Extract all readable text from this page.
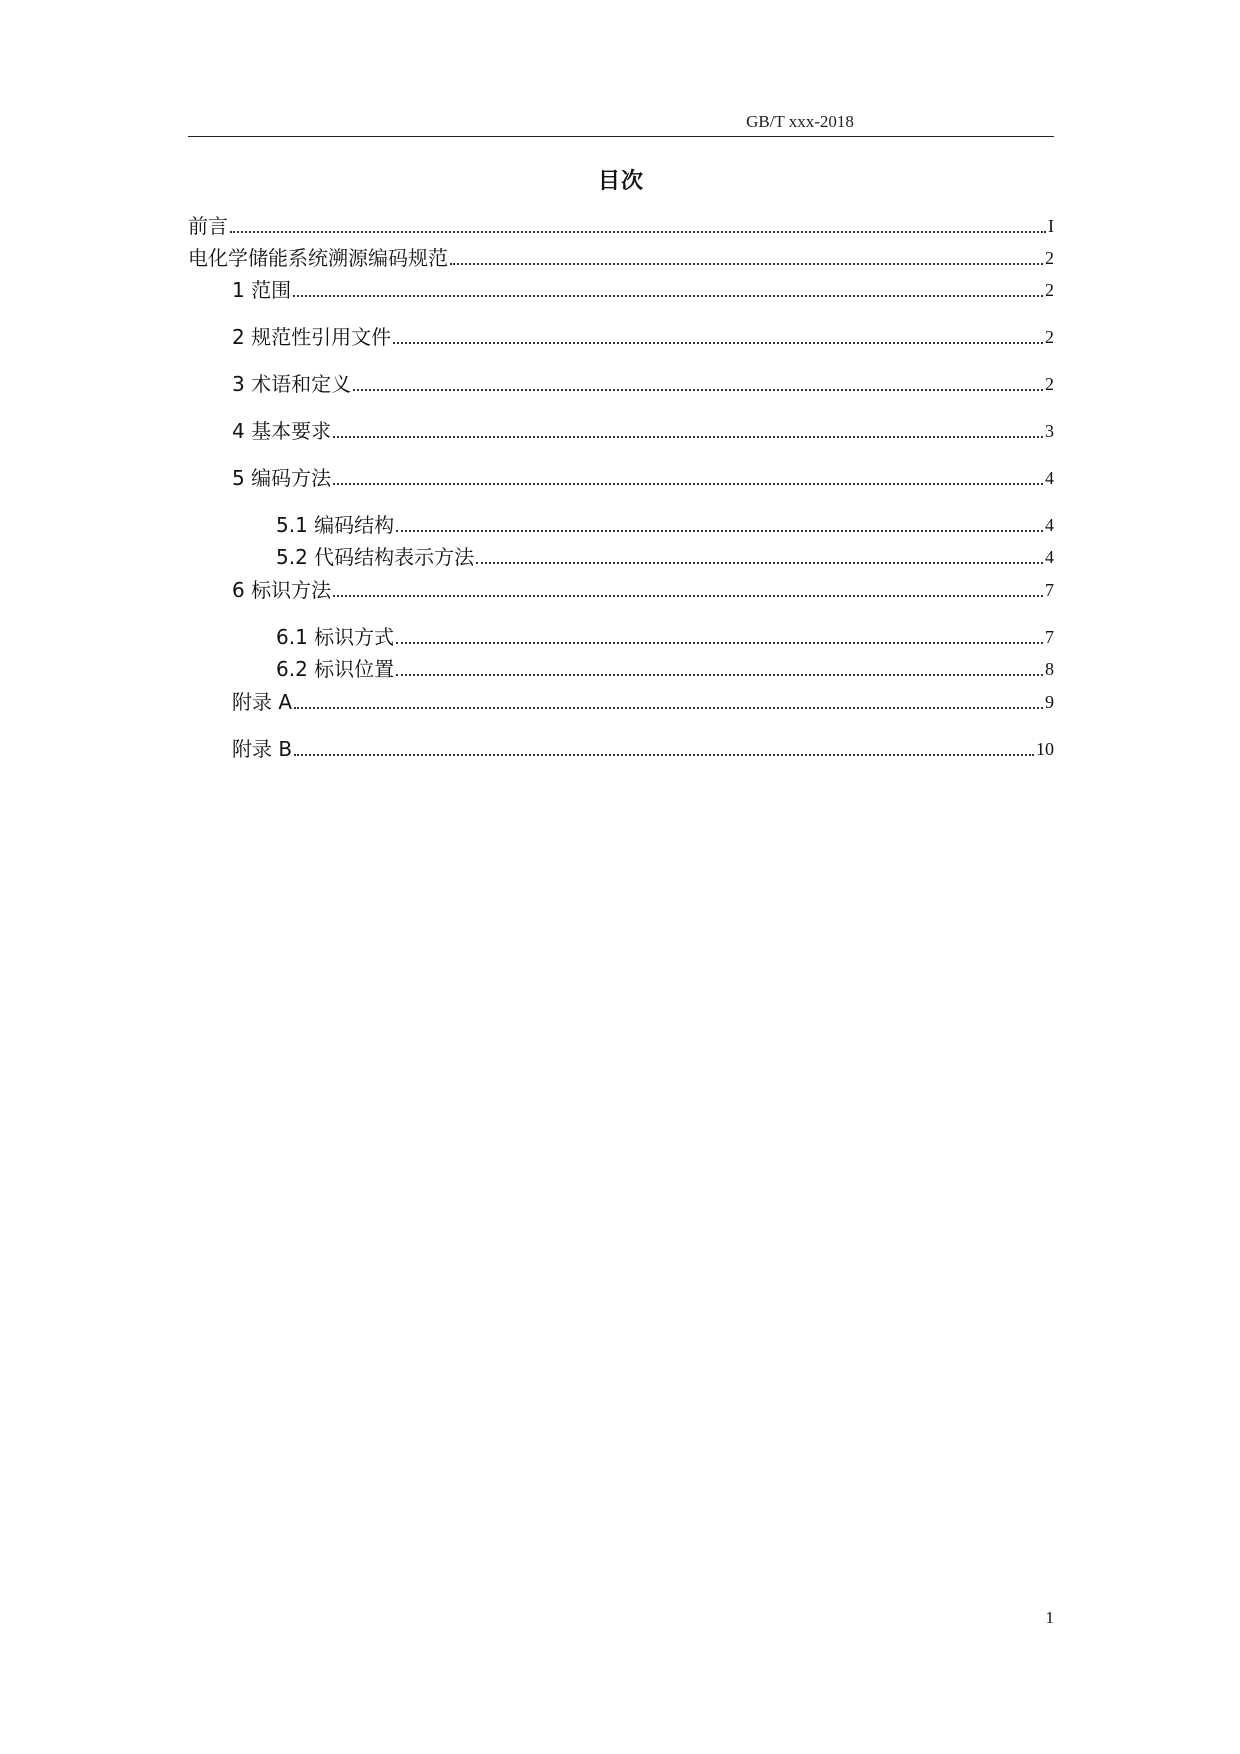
GB/T xxx-2018
目次
前言	I
电化学储能系统溯源编码规范	2
1 范围	2
2 规范性引用文件	2
3 术语和定义	2
4 基本要求	3
5 编码方法	4
5.1 编码结构	4
5.2 代码结构表示方法	4
6 标识方法	7
6.1 标识方式	7
6.2 标识位置	8
附录 A	9
附录 B	10
1
